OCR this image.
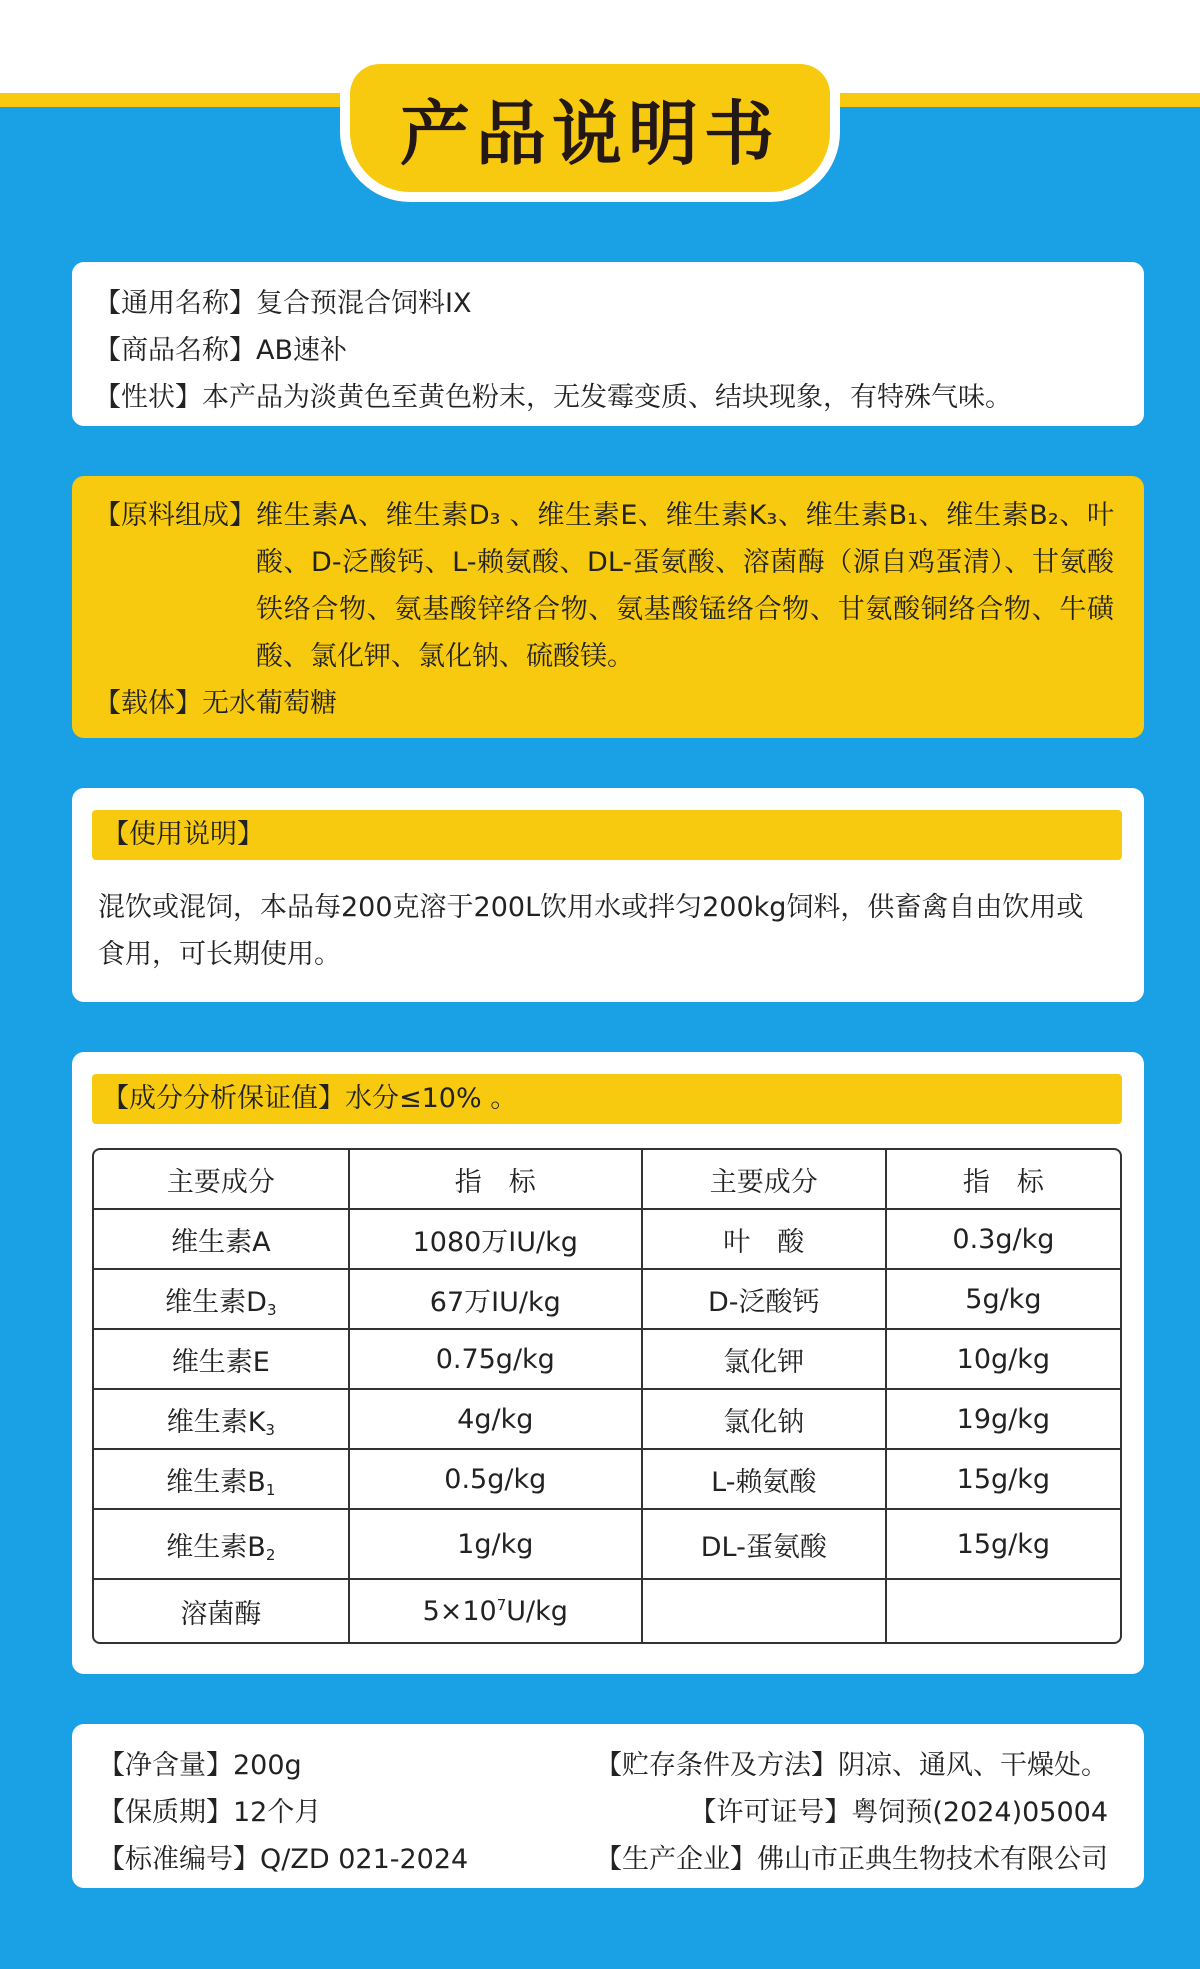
产品说明书
【通用名称】复合预混合饲料IX
【商品名称】AB速补
【性状】本产品为淡黄色至黄色粉末，无发霉变质、结块现象，有特殊气味。
【原料组成】 维生素A、维生素D₃ 、维生素E、维生素K₃、维生素B₁、维生素B₂、叶酸、D-泛酸钙、L-赖氨酸、DL-蛋氨酸、溶菌酶（源自鸡蛋清）、甘氨酸铁络合物、氨基酸锌络合物、氨基酸锰络合物、甘氨酸铜络合物、牛磺酸、氯化钾、氯化钠、硫酸镁。
【载体】无水葡萄糖
【使用说明】
混饮或混饲，本品每200克溶于200L饮用水或拌匀200kg饲料，供畜禽自由饮用或
食用，可长期使用。
【成分分析保证值】水分≤10% 。
主要成分	指　标	主要成分	指　标
维生素A	1080万IU/kg	叶　酸	0.3g/kg
维生素$D_3$	67万IU/kg	D-泛酸钙	5g/kg
维生素E	0.75g/kg	氯化钾	10g/kg
维生素$K_3$	4g/kg	氯化钠	19g/kg
维生素$B_1$	0.5g/kg	L-赖氨酸	15g/kg
维生素$B_2$	1g/kg	DL-蛋氨酸	15g/kg
溶菌酶	$5\times 10^7U/kg$		
【净含量】200g	【贮存条件及方法】阴凉、通风、干燥处。
【保质期】12个月	【许可证号】粤饲预(2024)05004
【标准编号】Q/ZD 021-2024	【生产企业】佛山市正典生物技术有限公司
